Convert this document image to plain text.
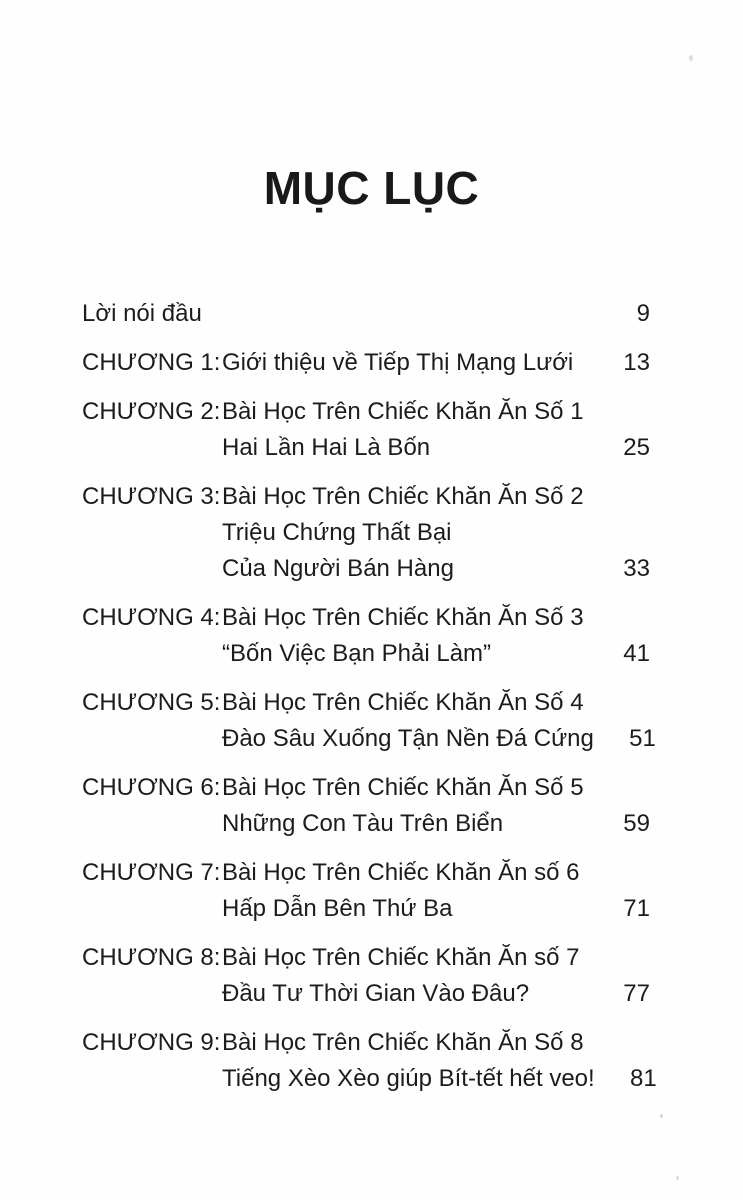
MỤC LỤC
Lời nói đầu	9
CHƯƠNG 1: Giới thiệu về Tiếp Thị Mạng Lưới	13
CHƯƠNG 2: Bài Học Trên Chiếc Khăn Ăn Số 1
Hai Lần Hai Là Bốn	25
CHƯƠNG 3: Bài Học Trên Chiếc Khăn Ăn Số 2
Triệu Chứng Thất Bại
Của Người Bán Hàng	33
CHƯƠNG 4: Bài Học Trên Chiếc Khăn Ăn Số 3
“Bốn Việc Bạn Phải Làm”	41
CHƯƠNG 5: Bài Học Trên Chiếc Khăn Ăn Số 4
Đào Sâu Xuống Tận Nền Đá Cứng	51
CHƯƠNG 6: Bài Học Trên Chiếc Khăn Ăn Số 5
Những Con Tàu Trên Biển	59
CHƯƠNG 7: Bài Học Trên Chiếc Khăn Ăn số 6
Hấp Dẫn Bên Thứ Ba	71
CHƯƠNG 8: Bài Học Trên Chiếc Khăn Ăn số 7
Đầu Tư Thời Gian Vào Đâu?	77
CHƯƠNG 9: Bài Học Trên Chiếc Khăn Ăn Số 8
Tiếng Xèo Xèo giúp Bít-tết hết veo!	81
